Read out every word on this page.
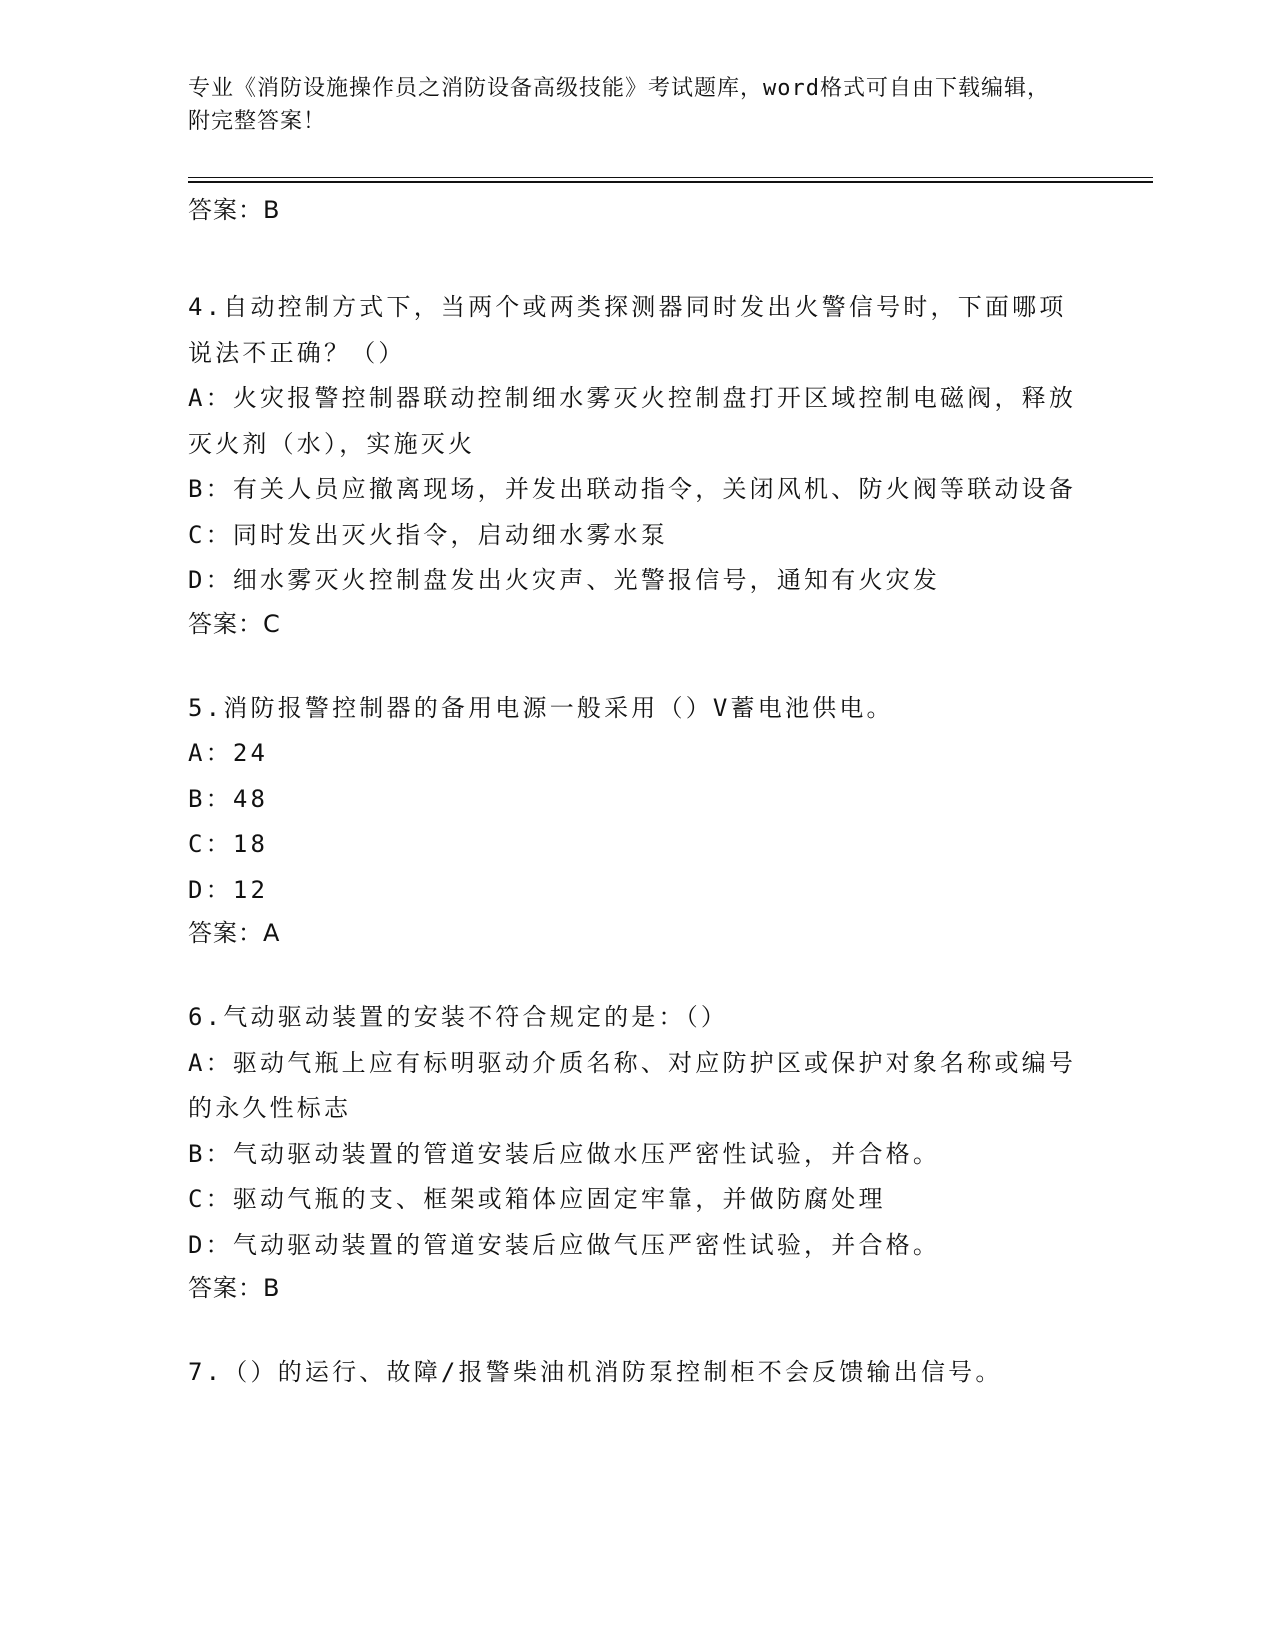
专业《消防设施操作员之消防设备高级技能》考试题库，word格式可自由下载编辑，附完整答案！
答案：B
4.自动控制方式下，当两个或两类探测器同时发出火警信号时，下面哪项说法不正确？（）
A：火灾报警控制器联动控制细水雾灭火控制盘打开区域控制电磁阀，释放灭火剂（水），实施灭火
B：有关人员应撤离现场，并发出联动指令，关闭风机、防火阀等联动设备
C：同时发出灭火指令，启动细水雾水泵
D：细水雾灭火控制盘发出火灾声、光警报信号，通知有火灾发
答案：C
5.消防报警控制器的备用电源一般采用（）V蓄电池供电。
A：24
B：48
C：18
D：12
答案：A
6.气动驱动装置的安装不符合规定的是：（）
A：驱动气瓶上应有标明驱动介质名称、对应防护区或保护对象名称或编号的永久性标志
B：气动驱动装置的管道安装后应做水压严密性试验，并合格。
C：驱动气瓶的支、框架或箱体应固定牢靠，并做防腐处理
D：气动驱动装置的管道安装后应做气压严密性试验，并合格。
答案：B
7.（）的运行、故障/报警柴油机消防泵控制柜不会反馈输出信号。
